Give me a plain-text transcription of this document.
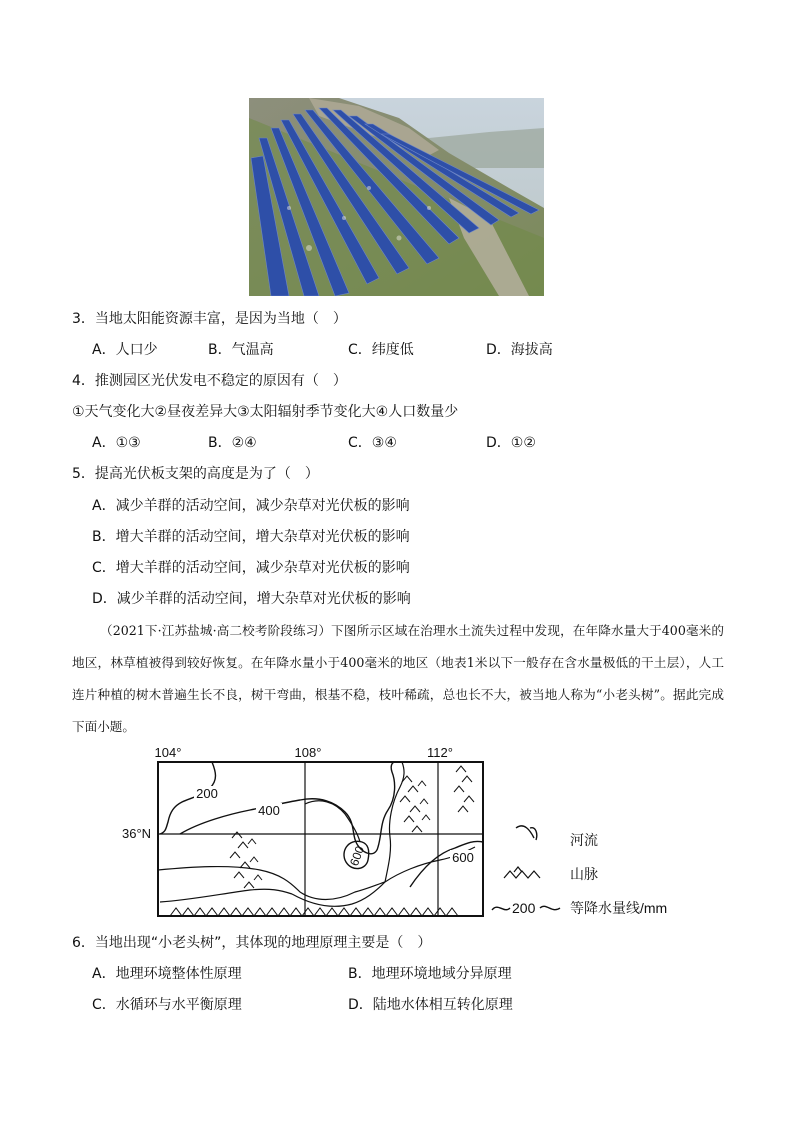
3．当地太阳能资源丰富，是因为当地（　）
A．人口少	B．气温高	C．纬度低	D．海拔高
4．推测园区光伏发电不稳定的原因有（　）
①天气变化大②昼夜差异大③太阳辐射季节变化大④人口数量少
A．①③	B．②④	C．③④	D．①②
5．提高光伏板支架的高度是为了（　）
A．减少羊群的活动空间，减少杂草对光伏板的影响
B．增大羊群的活动空间，增大杂草对光伏板的影响
C．增大羊群的活动空间，减少杂草对光伏板的影响
D．减少羊群的活动空间，增大杂草对光伏板的影响

（2021下·江苏盐城·高二校考阶段练习）下图所示区域在治理水土流失过程中发现，在年降水量大于400毫米的地区，林草植被得到较好恢复。在年降水量小于400毫米的地区（地表1米以下一般存在含水量极低的干土层），人工连片种植的树木普遍生长不良，树干弯曲，根基不稳，枝叶稀疏，总也长不大，被当地人称为“小老头树”。据此完成下面小题。

104°	108°	112°
36°N
200
400
600	600
河流
山脉
200 等降水量线/mm
6．当地出现“小老头树”，其体现的地理原理主要是（　）
A．地理环境整体性原理	B．地理环境地域分异原理
C．水循环与水平衡原理	D．陆地水体相互转化原理
